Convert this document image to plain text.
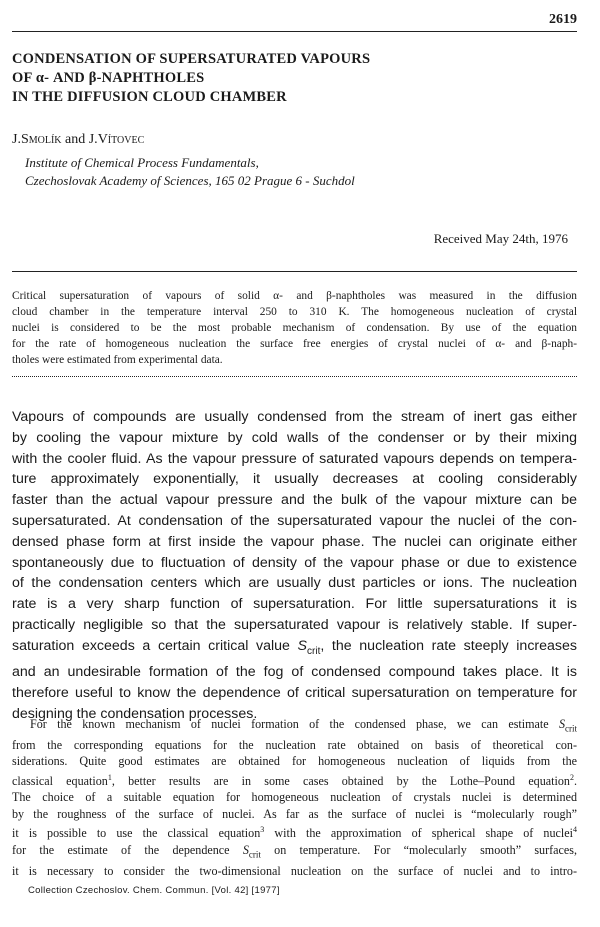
2619
CONDENSATION OF SUPERSATURATED VAPOURS
OF α- AND β-NAPHTHOLES
IN THE DIFFUSION CLOUD CHAMBER
J.Smolík and J.Vítovec
Institute of Chemical Process Fundamentals,
Czechoslovak Academy of Sciences, 165 02 Prague 6 - Suchdol
Received May 24th, 1976
Critical supersaturation of vapours of solid α- and β-naphtholes was measured in the diffusion
cloud chamber in the temperature interval 250 to 310 K. The homogeneous nucleation of crystal
nuclei is considered to be the most probable mechanism of condensation. By use of the equation
for the rate of homogeneous nucleation the surface free energies of crystal nuclei of α- and β-naph-
tholes were estimated from experimental data.
Vapours of compounds are usually condensed from the stream of inert gas either
by cooling the vapour mixture by cold walls of the condenser or by their mixing
with the cooler fluid. As the vapour pressure of saturated vapours depends on tempera-
ture approximately exponentially, it usually decreases at cooling considerably
faster than the actual vapour pressure and the bulk of the vapour mixture can be
supersaturated. At condensation of the supersaturated vapour the nuclei of the con-
densed phase form at first inside the vapour phase. The nuclei can originate either
spontaneously due to fluctuation of density of the vapour phase or due to existence
of the condensation centers which are usually dust particles or ions. The nucleation
rate is a very sharp function of supersaturation. For little supersaturations it is
practically negligible so that the supersaturated vapour is relatively stable. If super-
saturation exceeds a certain critical value $S_{crit}$, the nucleation rate steeply increases
and an undesirable formation of the fog of condensed compound takes place. It is
therefore useful to know the dependence of critical supersaturation on temperature for
designing the condensation processes.
For the known mechanism of nuclei formation of the condensed phase, we can estimate $S_{crit}$
from the corresponding equations for the nucleation rate obtained on basis of theoretical con-
siderations. Quite good estimates are obtained for homogeneous nucleation of liquids from the
classical equation$^1$, better results are in some cases obtained by the Lothe–Pound equation$^2$.
The choice of a suitable equation for homogeneous nucleation of crystals nuclei is determined
by the roughness of the surface of nuclei. As far as the surface of nuclei is “molecularly rough”
it is possible to use the classical equation$^3$ with the approximation of spherical shape of nuclei$^4$
for the estimate of the dependence $S_{crit}$ on temperature. For “molecularly smooth” surfaces,
it is necessary to consider the two-dimensional nucleation on the surface of nuclei and to intro-
Collection Czechoslov. Chem. Commun. [Vol. 42] [1977]
